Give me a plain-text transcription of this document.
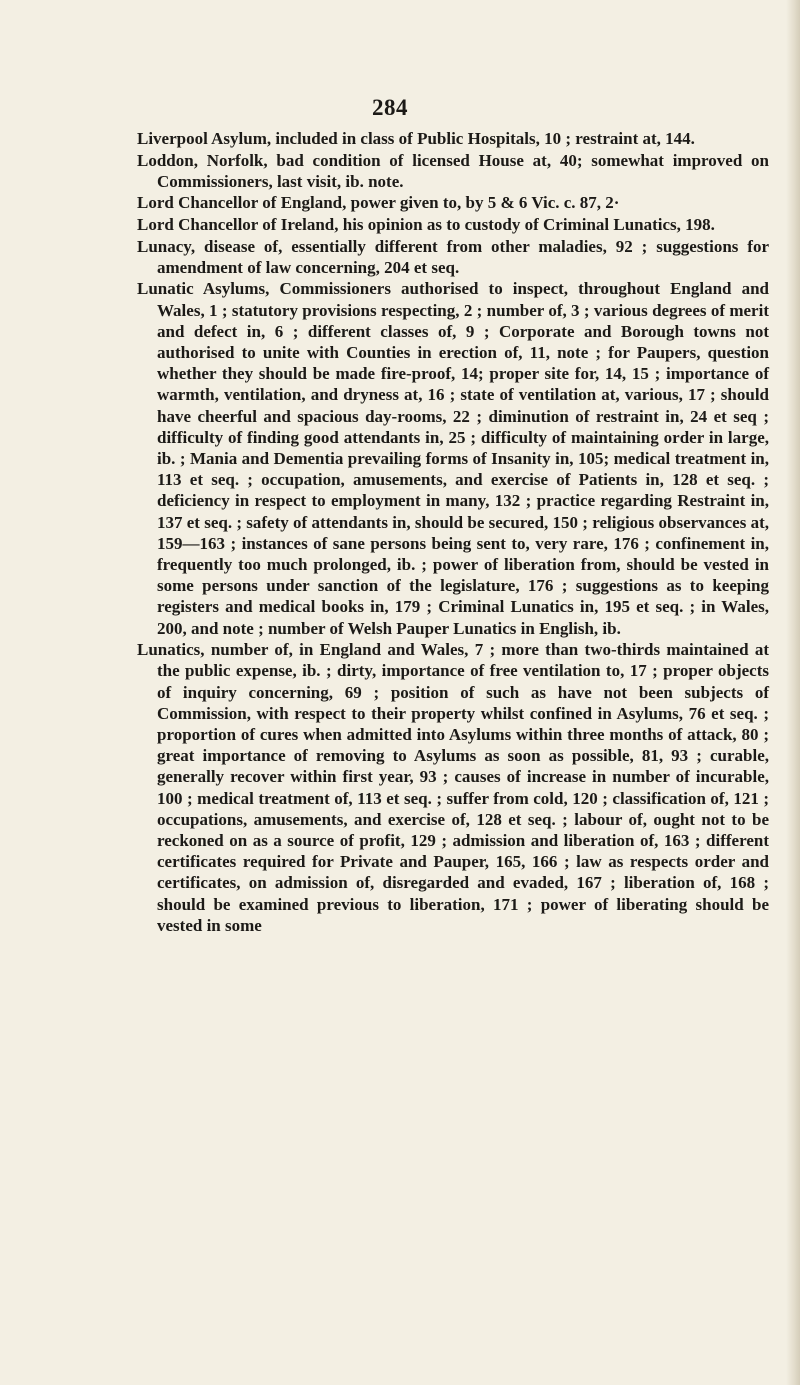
284

Liverpool Asylum, included in class of Public Hospitals, 10 ; restraint at, 144.

Loddon, Norfolk, bad condition of licensed House at, 40; somewhat improved on Commissioners, last visit, ib. note.

Lord Chancellor of England, power given to, by 5 & 6 Vic. c. 87, 2·

Lord Chancellor of Ireland, his opinion as to custody of Criminal Lunatics, 198.

Lunacy, disease of, essentially different from other maladies, 92 ; suggestions for amendment of law concerning, 204 et seq.

Lunatic Asylums, Commissioners authorised to inspect, throughout England and Wales, 1 ; statutory provisions respecting, 2 ; number of, 3 ; various degrees of merit and defect in, 6 ; different classes of, 9 ; Corporate and Borough towns not authorised to unite with Counties in erection of, 11, note ; for Paupers, question whether they should be made fire-proof, 14; proper site for, 14, 15 ; importance of warmth, ventilation, and dryness at, 16 ; state of ventilation at, various, 17 ; should have cheerful and spacious day-rooms, 22 ; diminution of restraint in, 24 et seq ; difficulty of finding good attendants in, 25 ; difficulty of maintaining order in large, ib. ; Mania and Dementia prevailing forms of Insanity in, 105; medical treatment in, 113 et seq. ; occupation, amusements, and exercise of Patients in, 128 et seq. ; deficiency in respect to employment in many, 132 ; practice regarding Restraint in, 137 et seq. ; safety of attendants in, should be secured, 150 ; religious observances at, 159—163 ; instances of sane persons being sent to, very rare, 176 ; confinement in, frequently too much prolonged, ib. ; power of liberation from, should be vested in some persons under sanction of the legislature, 176 ; suggestions as to keeping registers and medical books in, 179 ; Criminal Lunatics in, 195 et seq. ; in Wales, 200, and note ; number of Welsh Pauper Lunatics in English, ib.

Lunatics, number of, in England and Wales, 7 ; more than two-thirds maintained at the public expense, ib. ; dirty, importance of free ventilation to, 17 ; proper objects of inquiry concerning, 69 ; position of such as have not been subjects of Commission, with respect to their property whilst confined in Asylums, 76 et seq. ; proportion of cures when admitted into Asylums within three months of attack, 80 ; great importance of removing to Asylums as soon as possible, 81, 93 ; curable, generally recover within first year, 93 ; causes of increase in number of incurable, 100 ; medical treatment of, 113 et seq. ; suffer from cold, 120 ; classification of, 121 ; occupations, amusements, and exercise of, 128 et seq. ; labour of, ought not to be reckoned on as a source of profit, 129 ; admission and liberation of, 163 ; different certificates required for Private and Pauper, 165, 166 ; law as respects order and certificates, on admission of, disregarded and evaded, 167 ; liberation of, 168 ; should be examined previous to liberation, 171 ; power of liberating should be vested in some
